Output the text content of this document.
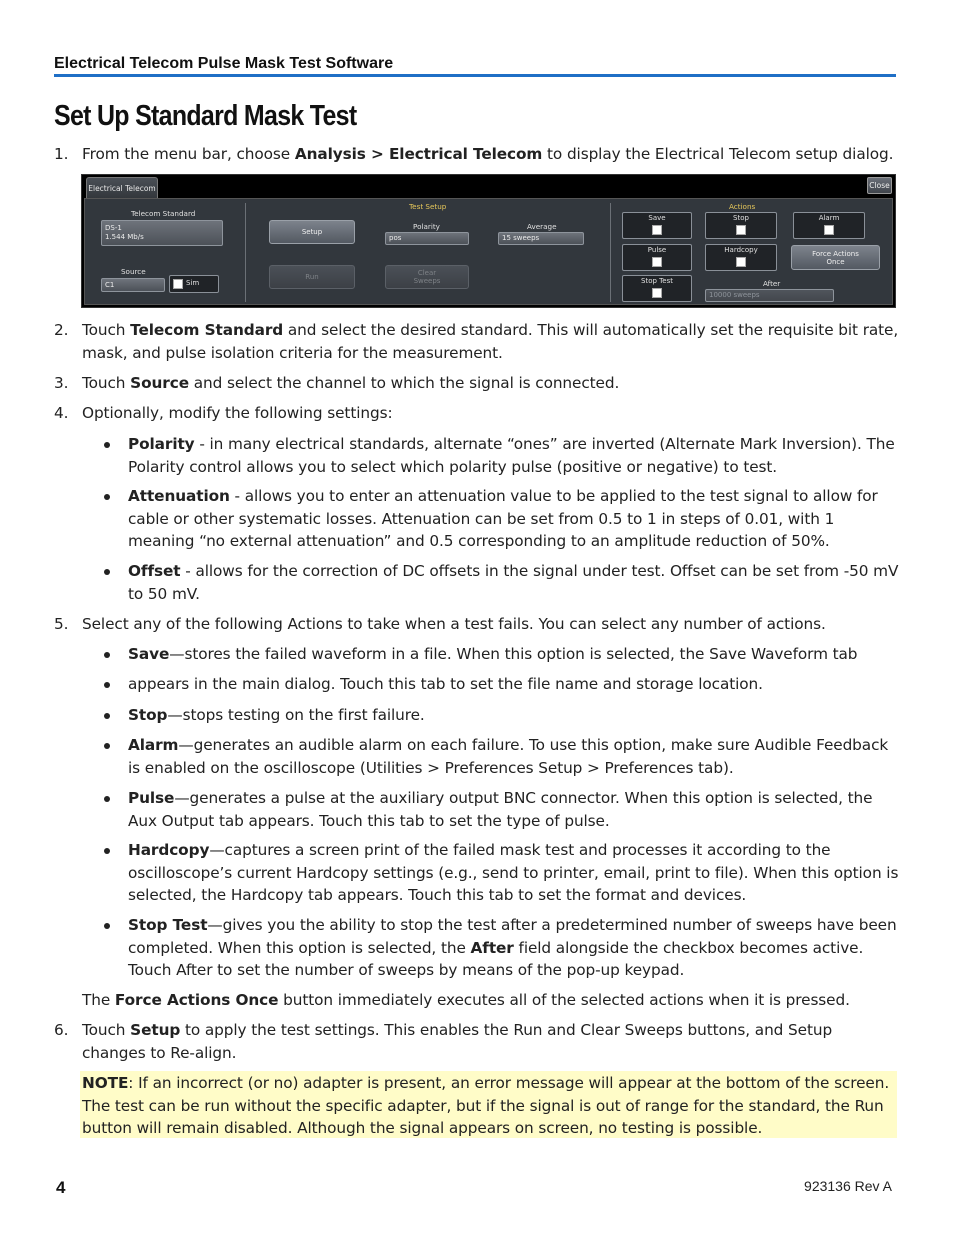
Electrical Telecom Pulse Mask Test Software
Set Up Standard Mask Test
1. From the menu bar, choose Analysis > Electrical Telecom to display the Electrical Telecom setup dialog.
Electrical Telecom	Close
Telecom Standard
DS-1
1.544 Mb/s
Source
C1	Sim
Test Setup
Setup
Polarity
pos
Average
15 sweeps
Run	Clear
Sweeps
Actions
Save	Stop	Alarm
Pulse	Hardcopy	Force Actions
Once
Stop Test	After
10000 sweeps
2. Touch Telecom Standard and select the desired standard. This will automatically set the requisite bit rate, mask, and pulse isolation criteria for the measurement.
3. Touch Source and select the channel to which the signal is connected.
4. Optionally, modify the following settings:
Polarity - in many electrical standards, alternate “ones” are inverted (Alternate Mark Inversion). The Polarity control allows you to select which polarity pulse (positive or negative) to test.
Attenuation - allows you to enter an attenuation value to be applied to the test signal to allow for cable or other systematic losses. Attenuation can be set from 0.5 to 1 in steps of 0.01, with 1 meaning “no external attenuation” and 0.5 corresponding to an amplitude reduction of 50%.
Offset - allows for the correction of DC offsets in the signal under test. Offset can be set from -50 mV to 50 mV.
5. Select any of the following Actions to take when a test fails. You can select any number of actions.
Save—stores the failed waveform in a file. When this option is selected, the Save Waveform tab
appears in the main dialog. Touch this tab to set the file name and storage location.
Stop—stops testing on the first failure.
Alarm—generates an audible alarm on each failure. To use this option, make sure Audible Feedback is enabled on the oscilloscope (Utilities > Preferences Setup > Preferences tab).
Pulse—generates a pulse at the auxiliary output BNC connector. When this option is selected, the Aux Output tab appears. Touch this tab to set the type of pulse.
Hardcopy—captures a screen print of the failed mask test and processes it according to the oscilloscope’s current Hardcopy settings (e.g., send to printer, email, print to file). When this option is selected, the Hardcopy tab appears. Touch this tab to set the format and devices.
Stop Test—gives you the ability to stop the test after a predetermined number of sweeps have been completed. When this option is selected, the After field alongside the checkbox becomes active. Touch After to set the number of sweeps by means of the pop-up keypad.
The Force Actions Once button immediately executes all of the selected actions when it is pressed.
6. Touch Setup to apply the test settings. This enables the Run and Clear Sweeps buttons, and Setup changes to Re-align.
NOTE: If an incorrect (or no) adapter is present, an error message will appear at the bottom of the screen. The test can be run without the specific adapter, but if the signal is out of range for the standard, the Run button will remain disabled. Although the signal appears on screen, no testing is possible.
4	923136 Rev A
